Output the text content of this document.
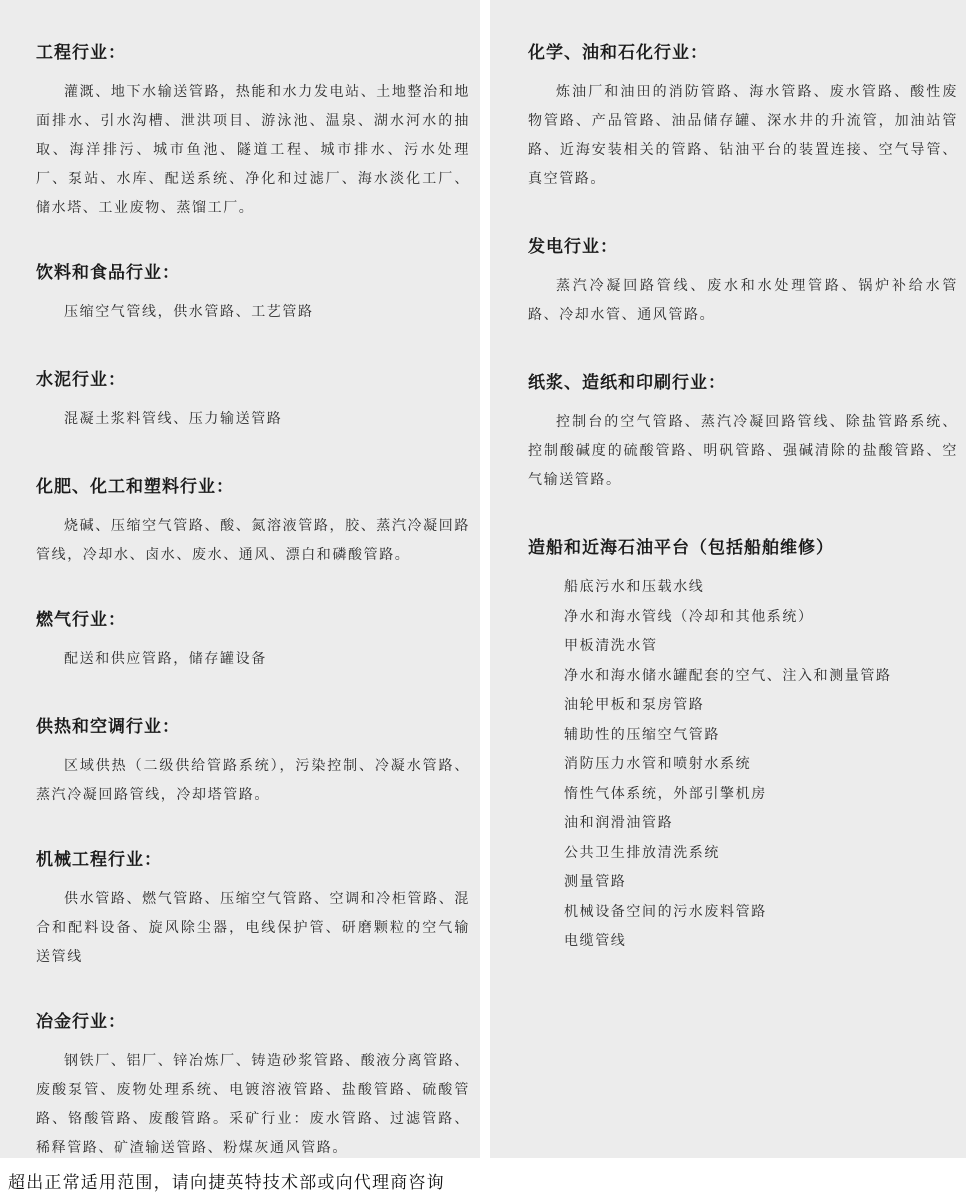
工程行业：

灌溉、地下水输送管路，热能和水力发电站、土地整治和地面排水、引水沟槽、泄洪项目、游泳池、温泉、湖水河水的抽取、海洋排污、城市鱼池、隧道工程、城市排水、污水处理厂、泵站、水库、配送系统、净化和过滤厂、海水淡化工厂、储水塔、工业废物、蒸馏工厂。

饮料和食品行业：

压缩空气管线，供水管路、工艺管路

水泥行业：

混凝土浆料管线、压力输送管路

化肥、化工和塑料行业：

烧碱、压缩空气管路、酸、氮溶液管路，胶、蒸汽冷凝回路管线，冷却水、卤水、废水、通风、漂白和磷酸管路。

燃气行业：

配送和供应管路，储存罐设备

供热和空调行业：

区域供热（二级供给管路系统），污染控制、冷凝水管路、蒸汽冷凝回路管线，冷却塔管路。

机械工程行业：

供水管路、燃气管路、压缩空气管路、空调和冷柜管路、混合和配料设备、旋风除尘器，电线保护管、研磨颗粒的空气输送管线

冶金行业：

钢铁厂、铝厂、锌冶炼厂、铸造砂浆管路、酸液分离管路、废酸泵管、废物处理系统、电镀溶液管路、盐酸管路、硫酸管路、铬酸管路、废酸管路。采矿行业：废水管路、过滤管路、稀释管路、矿渣输送管路、粉煤灰通风管路。

化学、油和石化行业：

炼油厂和油田的消防管路、海水管路、废水管路、酸性废物管路、产品管路、油品储存罐、深水井的升流管，加油站管路、近海安装相关的管路、钻油平台的装置连接、空气导管、真空管路。

发电行业：

蒸汽冷凝回路管线、废水和水处理管路、锅炉补给水管路、冷却水管、通风管路。

纸浆、造纸和印刷行业：

控制台的空气管路、蒸汽冷凝回路管线、除盐管路系统、控制酸碱度的硫酸管路、明矾管路、强碱清除的盐酸管路、空气输送管路。

造船和近海石油平台（包括船舶维修）
船底污水和压载水线
净水和海水管线（冷却和其他系统）
甲板清洗水管
净水和海水储水罐配套的空气、注入和测量管路
油轮甲板和泵房管路
辅助性的压缩空气管路
消防压力水管和喷射水系统
惰性气体系统，外部引擎机房
油和润滑油管路
公共卫生排放清洗系统
测量管路
机械设备空间的污水废料管路
电缆管线
超出正常适用范围，请向捷英特技术部或向代理商咨询
